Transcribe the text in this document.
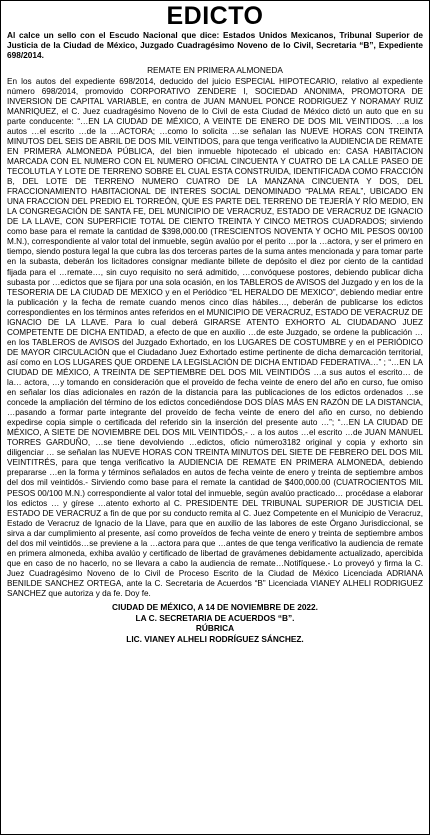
EDICTO

Al calce un sello con el Escudo Nacional que dice: Estados Unidos Mexicanos, Tribunal Superior de Justicia de la Ciudad de México, Juzgado Cuadragésimo Noveno de lo Civil, Secretaria “B”, Expediente 698/2014.

REMATE EN PRIMERA ALMONEDA

En los autos del expediente 698/2014, deducido del juicio ESPECIAL HIPOTECARIO, relativo al expediente número 698/2014, promovido CORPORATIVO ZENDERE I, SOCIEDAD ANONIMA, PROMOTORA DE INVERSION DE CAPITAL VARIABLE, en contra de JUAN MANUEL PONCE RODRIGUEZ Y NORAMAY RUIZ MANRIQUEZ, el C. Juez cuadragésimo Noveno de lo Civil de esta Ciudad de México dictó un auto que en su parte conducente: “…EN LA CIUDAD DE MÉXICO, A VEINTE DE ENERO DE DOS MIL VEINTIDOS. …a los autos …el escrito …de la …ACTORA; …como lo solicita …se señalan las NUEVE HORAS CON TREINTA MINUTOS DEL SEIS DE ABRIL DE DOS MIL VEINTIDOS, para que tenga verificativo la AUDIENCIA DE REMATE EN PRIMERA ALMONEDA PÚBLICA, del bien inmueble hipotecado el ubicado en: CASA HABITACION MARCADA CON EL NUMERO CON EL NUMERO OFICIAL CINCUENTA Y CUATRO DE LA CALLE PASEO DE TECOLUTLA Y LOTE DE TERRENO SOBRE EL CUAL ESTA CONSTRUIDA, IDENTIFICADA COMO FRACCIÓN B, DEL LOTE DE TERRENO NUMERO CUATRO DE LA MANZANA CINCUENTA Y DOS, DEL FRACCIONAMIENTO HABITACIONAL DE INTERES SOCIAL DENOMINADO “PALMA REAL”, UBICADO EN UNA FRACCION DEL PREDIO EL TORREÓN, QUE ES PARTE DEL TERRENO DE TEJERÍA Y RÍO MEDIO, EN LA CONGREGACIÓN DE SANTA FE, DEL MUNICIPIO DE VERACRUZ, ESTADO DE VERACRUZ DE IGNACIO DE LA LLAVE, CON SUPERFICIE TOTAL DE CIENTO TREINTA Y CINCO METROS CUADRADOS; sirviendo como base para el remate la cantidad de $398,000.00 (TRESCIENTOS NOVENTA Y OCHO MIL PESOS 00/100 M.N.), correspondiente al valor total del inmueble, según avalúo por el perito …por la …actora, y ser el primero en tiempo, siendo postura legal la que cubra las dos terceras partes de la suma antes mencionada y para tomar parte en la subasta, deberán los licitadores consignar mediante billete de depósito el diez por ciento de la cantidad fijada para el …remate…, sin cuyo requisito no será admitido, …convóquese postores, debiendo publicar dicha subasta por …edictos que se fijara por una sola ocasión, en los TABLEROS de AVISOS del Juzgado y en los de la TESORERIA DE LA CIUDAD DE MEXICO y en el Periódico “EL HERALDO DE MEXICO”, debiendo mediar entre la publicación y la fecha de remate cuando menos cinco días hábiles…, deberán de publicarse los edictos correspondientes en los términos antes referidos en el MUNICIPIO DE VERACRUZ, ESTADO DE VERACRUZ DE IGNACIO DE LA LLAVE. Para lo cual deberá GIRARSE ATENTO EXHORTO AL CIUDADANO JUEZ COMPETENTE DE DICHA ENTIDAD, a efecto de que en auxilio …de este Juzgado, se ordene la publicación …en los TABLEROS de AVISOS del Juzgado Exhortado, en los LUGARES DE COSTUMBRE y en el PERIÓDICO DE MAYOR CIRCULACIÓN que el Ciudadano Juez Exhortado estime pertinente de dicha demarcación territorial, así como en LOS LUGARES QUE ORDENE LA LEGISLACIÓN DE DICHA ENTIDAD FEDERATIVA…” ; “…EN LA CIUDAD DE MÉXICO, A TREINTA DE SEPTIEMBRE DEL DOS MIL VEINTIDÓS …a sus autos el escrito… de la… actora, …y tomando en consideración que el proveído de fecha veinte de enero del año en curso, fue omiso en señalar los días adicionales en razón de la distancia para las publicaciones de los edictos ordenados …se concede la ampliación del término de los edictos concediéndose DOS DÍAS MÁS EN RAZÓN DE LA DISTANCIA, …pasando a formar parte integrante del proveído de fecha veinte de enero del año en curso, no debiendo expedirse copia simple o certificada del referido sin la inserción del presente auto …”; “…EN LA CIUDAD DE MÉXICO, A SIETE DE NOVIEMBRE DEL DOS MIL VEINTIDÓS,- .. a los autos …el escrito …de JUAN MANUEL TORRES GARDUÑO, …se tiene devolviendo …edictos, oficio número3182 original y copia y exhorto sin diligenciar … se señalan las NUEVE HORAS CON TREINTA MINUTOS DEL SIETE DE FEBRERO DEL DOS MIL VEINTITRÉS, para que tenga verificativo la AUDIENCIA DE REMATE EN PRIMERA ALMONEDA, debiendo prepararse …en la forma y términos señalados en autos de fecha veinte de enero y treinta de septiembre ambos del dos mil veintidós.- Sirviendo como base para el remate la cantidad de $400,000.00 (CUATROCIENTOS MIL PESOS 00/100 M.N.) correspondiente al valor total del inmueble, según avalúo practicado… procédase a elaborar los edictos … y gírese …atento exhorto al C. PRESIDENTE DEL TRIBUNAL SUPERIOR DE JUSTICIA DEL ESTADO DE VERACRUZ a fin de que por su conducto remita al C. Juez Competente en el Municipio de Veracruz, Estado de Veracruz de Ignacio de la Llave, para que en auxilio de las labores de este Órgano Jurisdiccional, se sirva a dar cumplimiento al presente, así como proveídos de fecha veinte de enero y treinta de septiembre ambos del dos mil veintidós…se previene a la …actora para que …antes de que tenga verificativo la audiencia de remate en primera almoneda, exhiba avalúo y certificado de libertad de gravámenes debidamente actualizado, apercibida que en caso de no hacerlo, no se llevara a cabo la audiencia de remate…Notifíquese.- Lo proveyó y firma la C. Juez Cuadragésimo Noveno de lo Civil de Proceso Escrito de la Ciudad de México Licenciada ADRIANA BENILDE SANCHEZ ORTEGA, ante la C. Secretaria de Acuerdos “B” Licenciada VIANEY ALHELI RODRIGUEZ SANCHEZ que autoriza y da fe. Doy fe.

CIUDAD DE MÉXICO, A 14 DE NOVIEMBRE DE 2022.

LA C. SECRETARIA DE ACUERDOS “B”.

RÚBRICA

LIC. VIANEY ALHELI RODRÍGUEZ SÁNCHEZ.
